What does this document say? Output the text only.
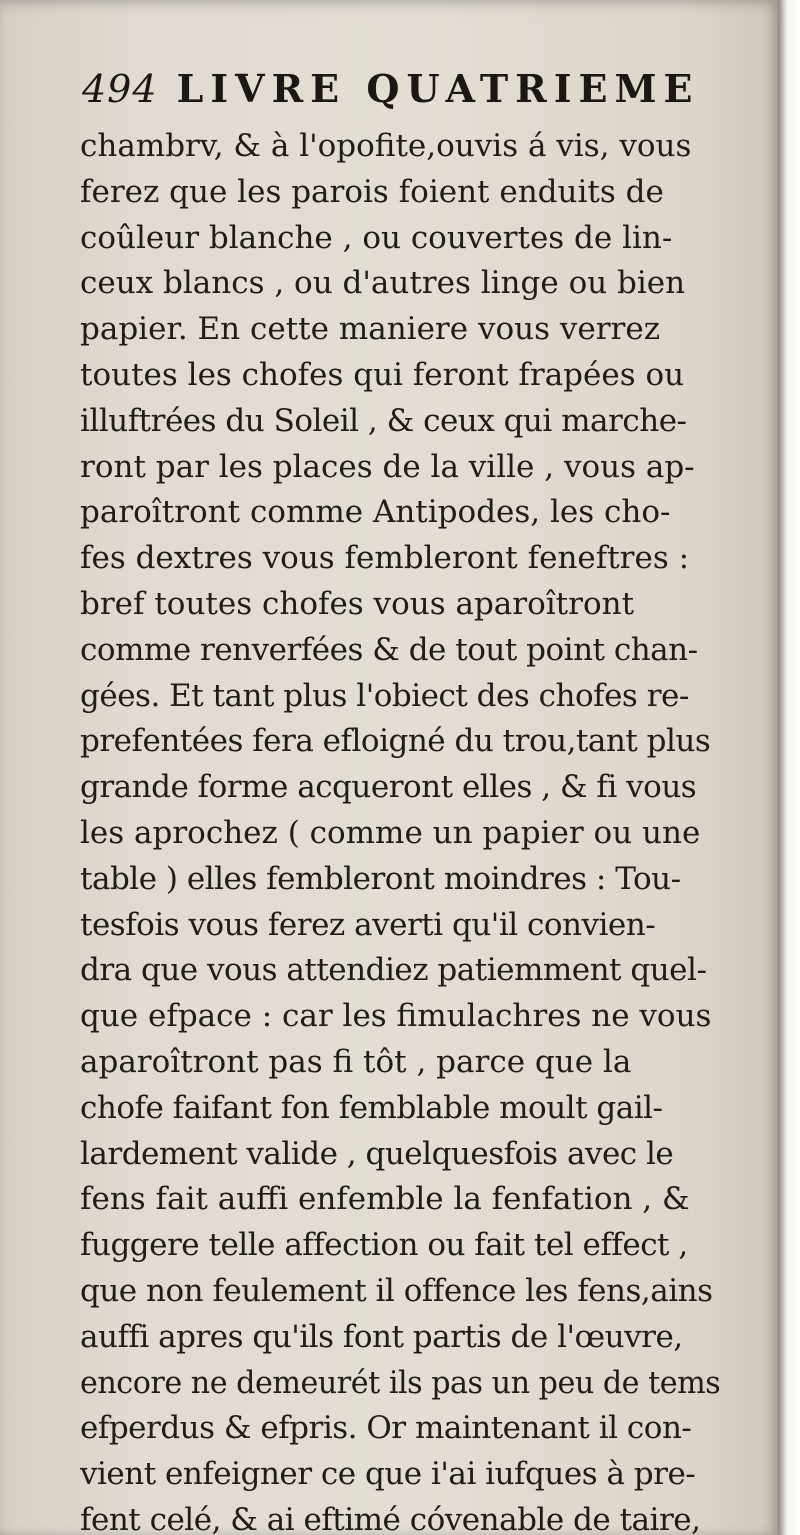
494 LIVRE QUATRIEME
chambrv, & à l'opofite,ouvis á vis, vous
ferez que les parois foient enduits de
coûleur blanche , ou couvertes de lin-
ceux blancs , ou d'autres linge ou bien
papier. En cette maniere vous verrez
toutes les chofes qui feront frapées ou
illuftrées du Soleil , & ceux qui marche-
ront par les places de la ville , vous ap-
paroîtront comme Antipodes, les cho-
fes dextres vous fembleront feneftres :
bref toutes chofes vous aparoîtront
comme renverfées & de tout point chan-
gées. Et tant plus l'obiect des chofes re-
prefentées fera efloigné du trou,tant plus
grande forme acqueront elles , & fi vous
les aprochez ( comme un papier ou une
table ) elles fembleront moindres : Tou-
tesfois vous ferez averti qu'il convien-
dra que vous attendiez patiemment quel-
que efpace : car les fimulachres ne vous
aparoîtront pas fi tôt , parce que la
chofe faifant fon femblable moult gail-
lardement valide , quelquesfois avec le
fens fait auffi enfemble la fenfation , &
fuggere telle affection ou fait tel effect ,
que non feulement il offence les fens,ains
auffi apres qu'ils font partis de l'œuvre,
encore ne demeurét ils pas un peu de tems
efperdus & efpris. Or maintenant il con-
vient enfeigner ce que i'ai iufques à pre-
fent celé, & ai eftimé cóvenable de taire,
